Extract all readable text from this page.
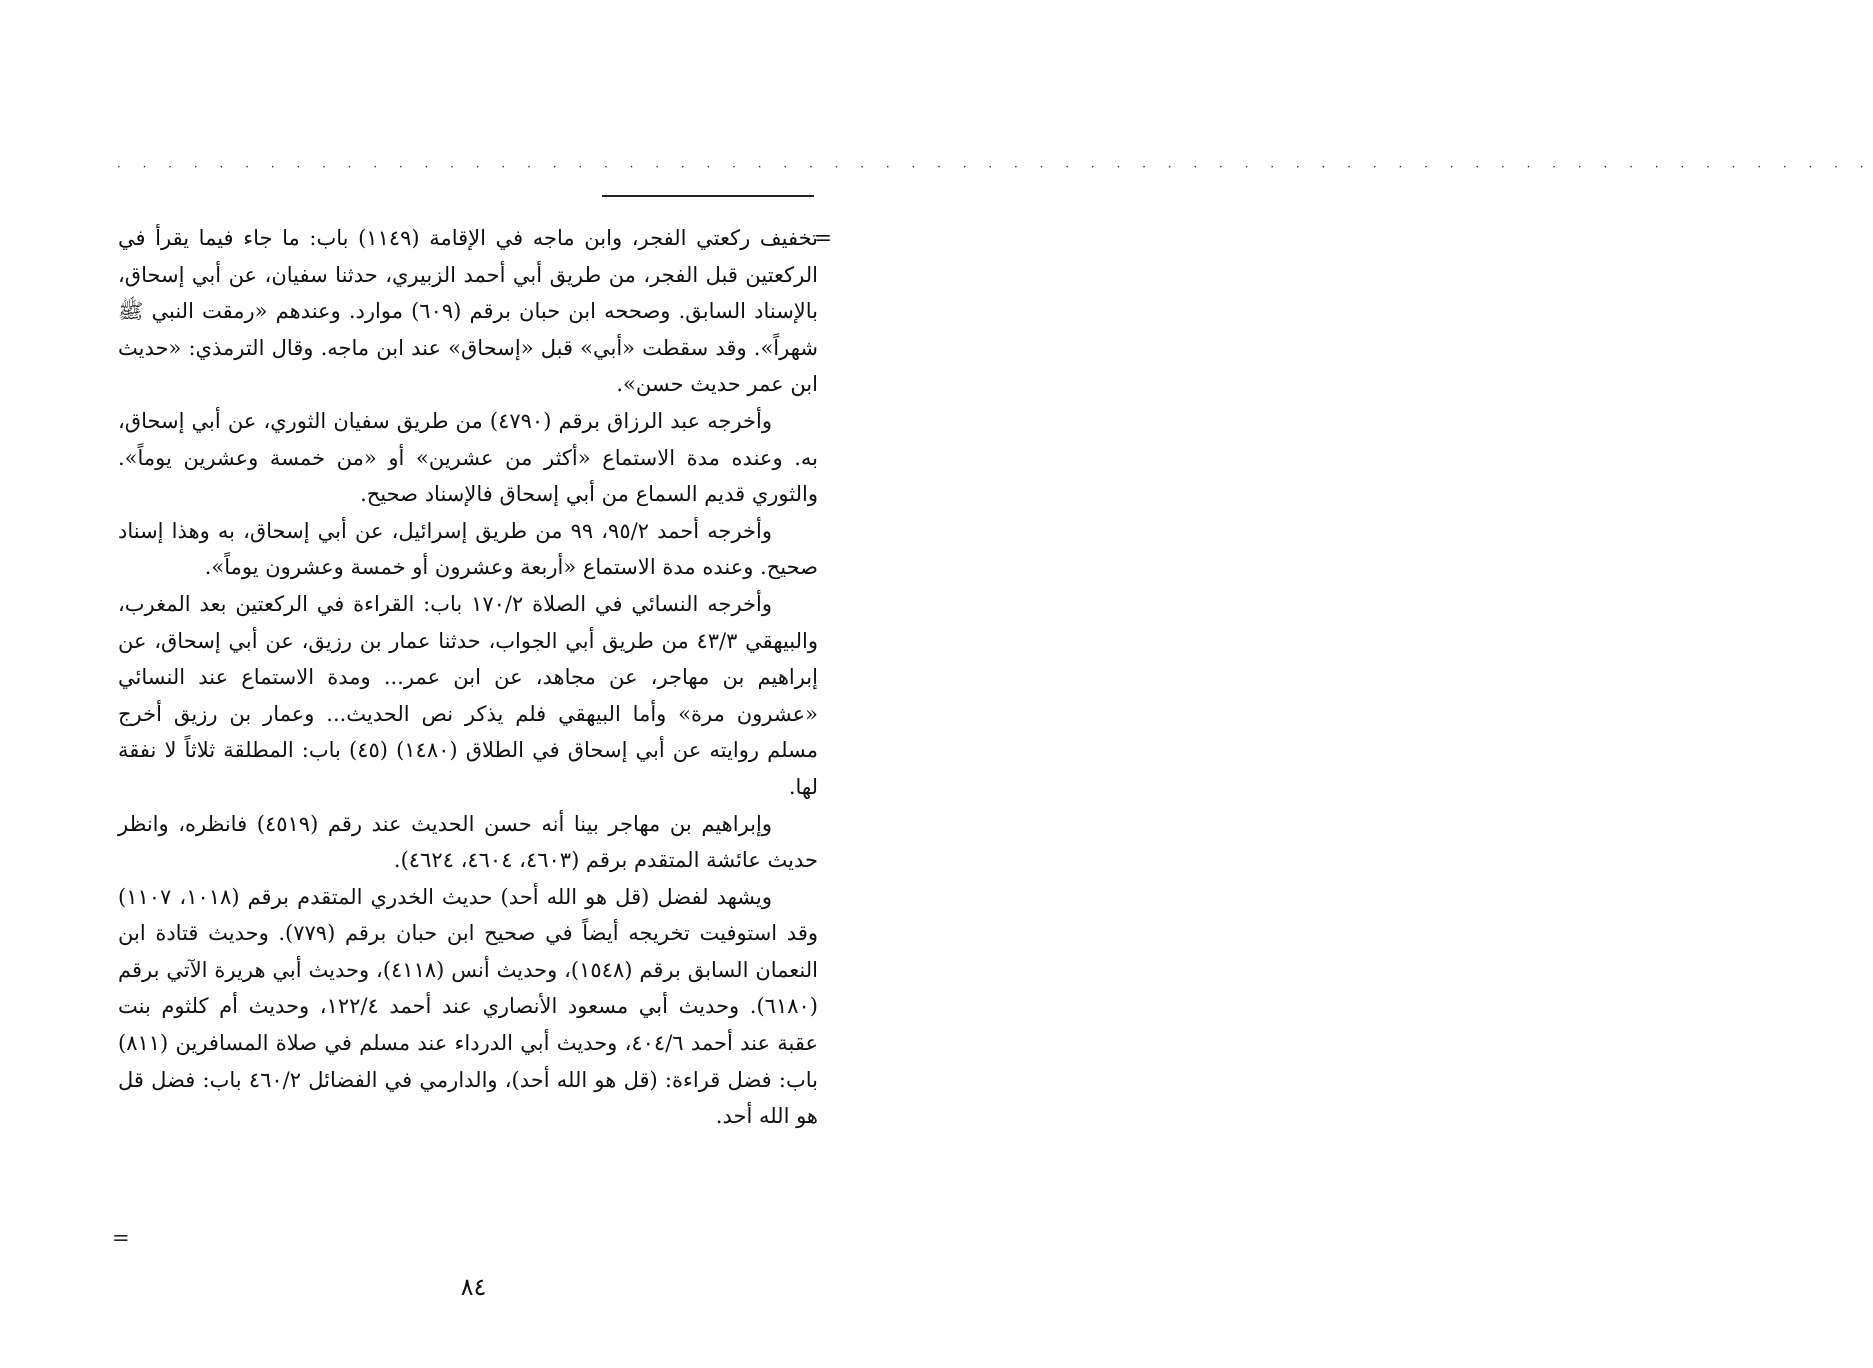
· · · · · · · · · · · · · · · · · · · · · · · · · · · · · · · · · · · · · · · · · · · · · · · · · · · · · · · · · · · · · · · · · · · · ·

=
تخفيف ركعتي الفجر، وابن ماجه في الإقامة (١١٤٩) باب: ما جاء فيما يقرأ في الركعتين قبل الفجر، من طريق أبي أحمد الزبيري، حدثنا سفيان، عن أبي إسحاق، بالإسناد السابق. وصححه ابن حبان برقم (٦٠٩) موارد. وعندهم «رمقت النبي ﷺ شهراً». وقد سقطت «أبي» قبل «إسحاق» عند ابن ماجه. وقال الترمذي: «حديث ابن عمر حديث حسن».

وأخرجه عبد الرزاق برقم (٤٧٩٠) من طريق سفيان الثوري، عن أبي إسحاق، به. وعنده مدة الاستماع «أكثر من عشرين» أو «من خمسة وعشرين يوماً». والثوري قديم السماع من أبي إسحاق فالإسناد صحيح.

وأخرجه أحمد ٩٥/٢، ٩٩ من طريق إسرائيل، عن أبي إسحاق، به وهذا إسناد صحيح. وعنده مدة الاستماع «أربعة وعشرون أو خمسة وعشرون يوماً».

وأخرجه النسائي في الصلاة ١٧٠/٢ باب: القراءة في الركعتين بعد المغرب، والبيهقي ٤٣/٣ من طريق أبي الجواب، حدثنا عمار بن رزيق، عن أبي إسحاق، عن إبراهيم بن مهاجر، عن مجاهد، عن ابن عمر... ومدة الاستماع عند النسائي «عشرون مرة» وأما البيهقي فلم يذكر نص الحديث... وعمار بن رزيق أخرج مسلم روايته عن أبي إسحاق في الطلاق (١٤٨٠) (٤٥) باب: المطلقة ثلاثاً لا نفقة لها.

وإبراهيم بن مهاجر بينا أنه حسن الحديث عند رقم (٤٥١٩) فانظره، وانظر حديث عائشة المتقدم برقم (٤٦٠٣، ٤٦٠٤، ٤٦٢٤).

ويشهد لفضل (قل هو الله أحد) حديث الخدري المتقدم برقم (١٠١٨، ١١٠٧) وقد استوفيت تخريجه أيضاً في صحيح ابن حبان برقم (٧٧٩). وحديث قتادة ابن النعمان السابق برقم (١٥٤٨)، وحديث أنس (٤١١٨)، وحديث أبي هريرة الآتي برقم (٦١٨٠). وحديث أبي مسعود الأنصاري عند أحمد ١٢٢/٤، وحديث أم كلثوم بنت عقبة عند أحمد ٤٠٤/٦، وحديث أبي الدرداء عند مسلم في صلاة المسافرين (٨١١) باب: فضل قراءة: (قل هو الله أحد)، والدارمي في الفضائل ٤٦٠/٢ باب: فضل قل هو الله أحد.

=
٨٤
